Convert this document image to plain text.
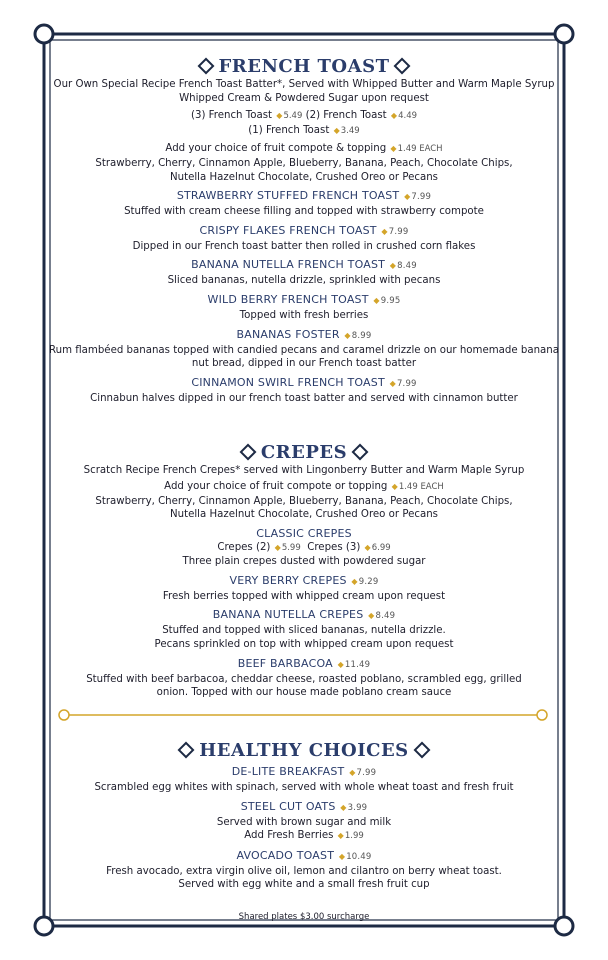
FRENCH TOAST
Our Own Special Recipe French Toast Batter*, Served with Whipped Butter and Warm Maple Syrup
Whipped Cream & Powdered Sugar upon request
(3) French Toast ◆5.49 (2) French Toast ◆4.49
(1) French Toast ◆3.49
Add your choice of fruit compote & topping ◆1.49 EACH
Strawberry, Cherry, Cinnamon Apple, Blueberry, Banana, Peach, Chocolate Chips,
Nutella Hazelnut Chocolate, Crushed Oreo or Pecans
STRAWBERRY STUFFED FRENCH TOAST ◆7.99
Stuffed with cream cheese filling and topped with strawberry compote
CRISPY FLAKES FRENCH TOAST ◆7.99
Dipped in our French toast batter then rolled in crushed corn flakes
BANANA NUTELLA FRENCH TOAST ◆8.49
Sliced bananas, nutella drizzle, sprinkled with pecans
WILD BERRY FRENCH TOAST ◆9.95
Topped with fresh berries
BANANAS FOSTER ◆8.99
Rum flambéed bananas topped with candied pecans and caramel drizzle on our homemade banana
nut bread, dipped in our French toast batter
CINNAMON SWIRL FRENCH TOAST ◆7.99
Cinnabun halves dipped in our french toast batter and served with cinnamon butter
CREPES
Scratch Recipe French Crepes* served with Lingonberry Butter and Warm Maple Syrup
Add your choice of fruit compote or topping ◆1.49 EACH
Strawberry, Cherry, Cinnamon Apple, Blueberry, Banana, Peach, Chocolate Chips,
Nutella Hazelnut Chocolate, Crushed Oreo or Pecans
CLASSIC CREPES
Crepes (2) ◆5.99 Crepes (3) ◆6.99
Three plain crepes dusted with powdered sugar
VERY BERRY CREPES ◆9.29
Fresh berries topped with whipped cream upon request
BANANA NUTELLA CREPES ◆8.49
Stuffed and topped with sliced bananas, nutella drizzle.
Pecans sprinkled on top with whipped cream upon request
BEEF BARBACOA ◆11.49
Stuffed with beef barbacoa, cheddar cheese, roasted poblano, scrambled egg, grilled
onion. Topped with our house made poblano cream sauce
HEALTHY CHOICES
DE-LITE BREAKFAST ◆7.99
Scrambled egg whites with spinach, served with whole wheat toast and fresh fruit
STEEL CUT OATS ◆3.99
Served with brown sugar and milk
Add Fresh Berries ◆1.99
AVOCADO TOAST ◆10.49
Fresh avocado, extra virgin olive oil, lemon and cilantro on berry wheat toast.
Served with egg white and a small fresh fruit cup
Shared plates $3.00 surcharge
